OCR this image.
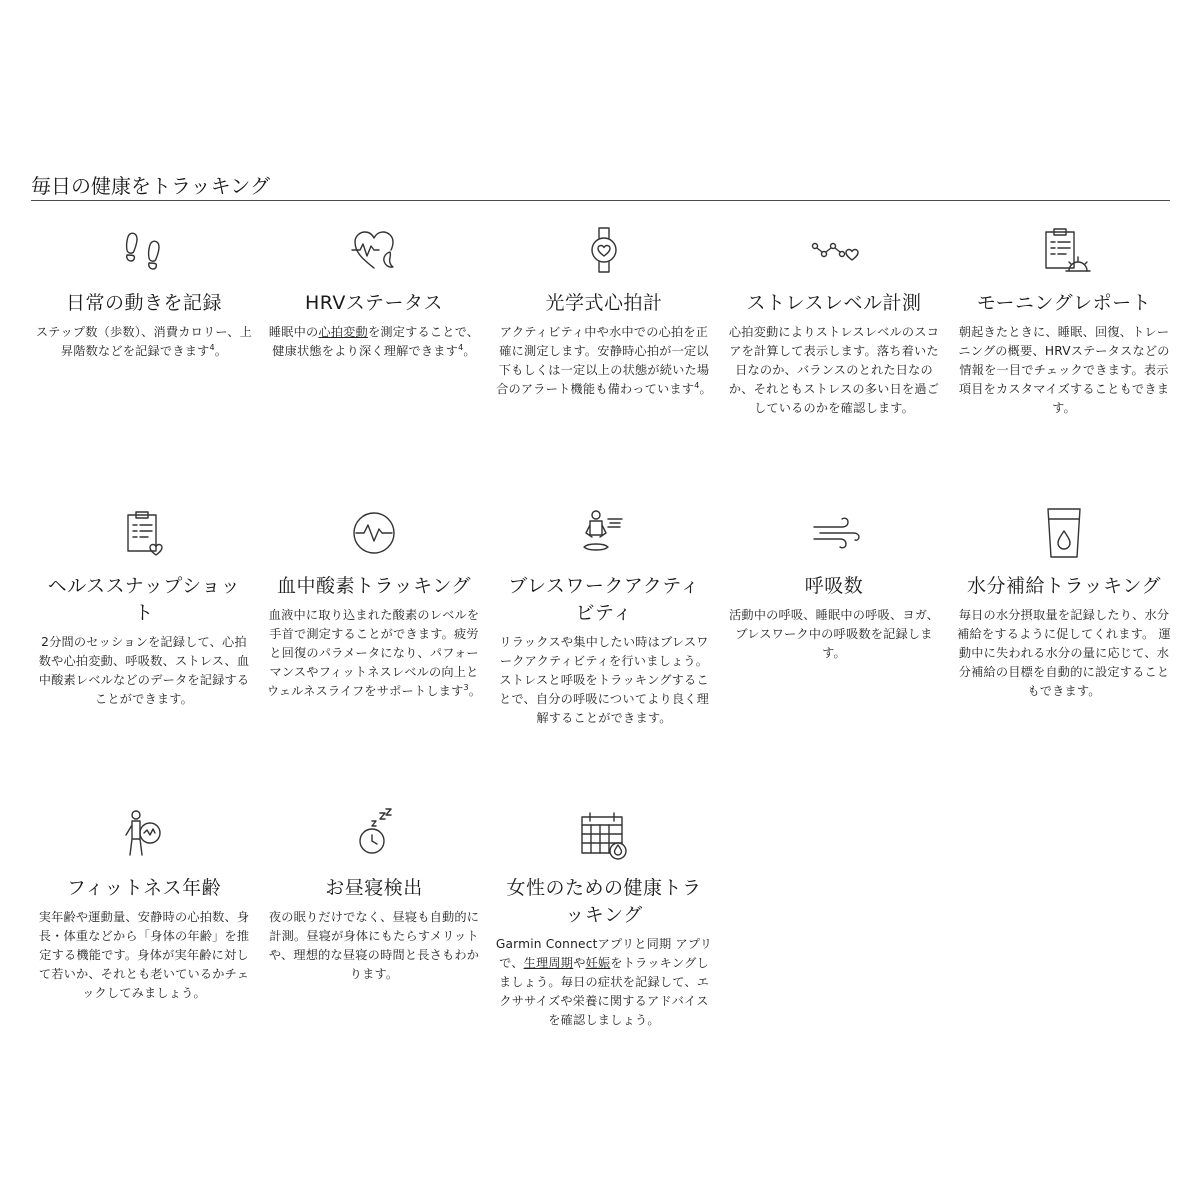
毎日の健康をトラッキング
日常の動きを記録
ステップ数（歩数）、消費カロリー、上昇階数などを記録できます$^4$。
HRVステータス
睡眠中の心拍変動を測定することで、健康状態をより深く理解できます$^4$。
光学式心拍計
アクティビティ中や水中での心拍を正確に測定します。安静時心拍が一定以下もしくは一定以上の状態が続いた場合のアラート機能も備わっています$^4$。
ストレスレベル計測
心拍変動によりストレスレベルのスコアを計算して表示します。落ち着いた日なのか、バランスのとれた日なのか、それともストレスの多い日を過ごしているのかを確認します。
モーニングレポート
朝起きたときに、睡眠、回復、トレーニングの概要、HRVステータスなどの情報を一目でチェックできます。表示項目をカスタマイズすることもできます。
ヘルススナップショット
2分間のセッションを記録して、心拍数や心拍変動、呼吸数、ストレス、血中酸素レベルなどのデータを記録することができます。
血中酸素トラッキング
血液中に取り込まれた酸素のレベルを手首で測定することができます。疲労と回復のパラメータになり、パフォーマンスやフィットネスレベルの向上とウェルネスライフをサポートします$^3$。
ブレスワークアクティビティ
リラックスや集中したい時はブレスワークアクティビティを行いましょう。ストレスと呼吸をトラッキングすることで、自分の呼吸についてより良く理解することができます。
呼吸数
活動中の呼吸、睡眠中の呼吸、ヨガ、ブレスワーク中の呼吸数を記録します。
水分補給トラッキング
毎日の水分摂取量を記録したり、水分補給をするように促してくれます。 運動中に失われる水分の量に応じて、水分補給の目標を自動的に設定することもできます。
フィットネス年齢
実年齢や運動量、安静時の心拍数、身長・体重などから「身体の年齢」を推定する機能です。身体が実年齢に対して若いか、それとも老いているかチェックしてみましょう。
お昼寝検出
夜の眠りだけでなく、昼寝も自動的に計測。昼寝が身体にもたらすメリットや、理想的な昼寝の時間と長さもわかります。
女性のための健康トラッキング
Garmin Connectアプリと同期 アプリで、生理周期や妊娠をトラッキングしましょう。毎日の症状を記録して、エクササイズや栄養に関するアドバイスを確認しましょう。
